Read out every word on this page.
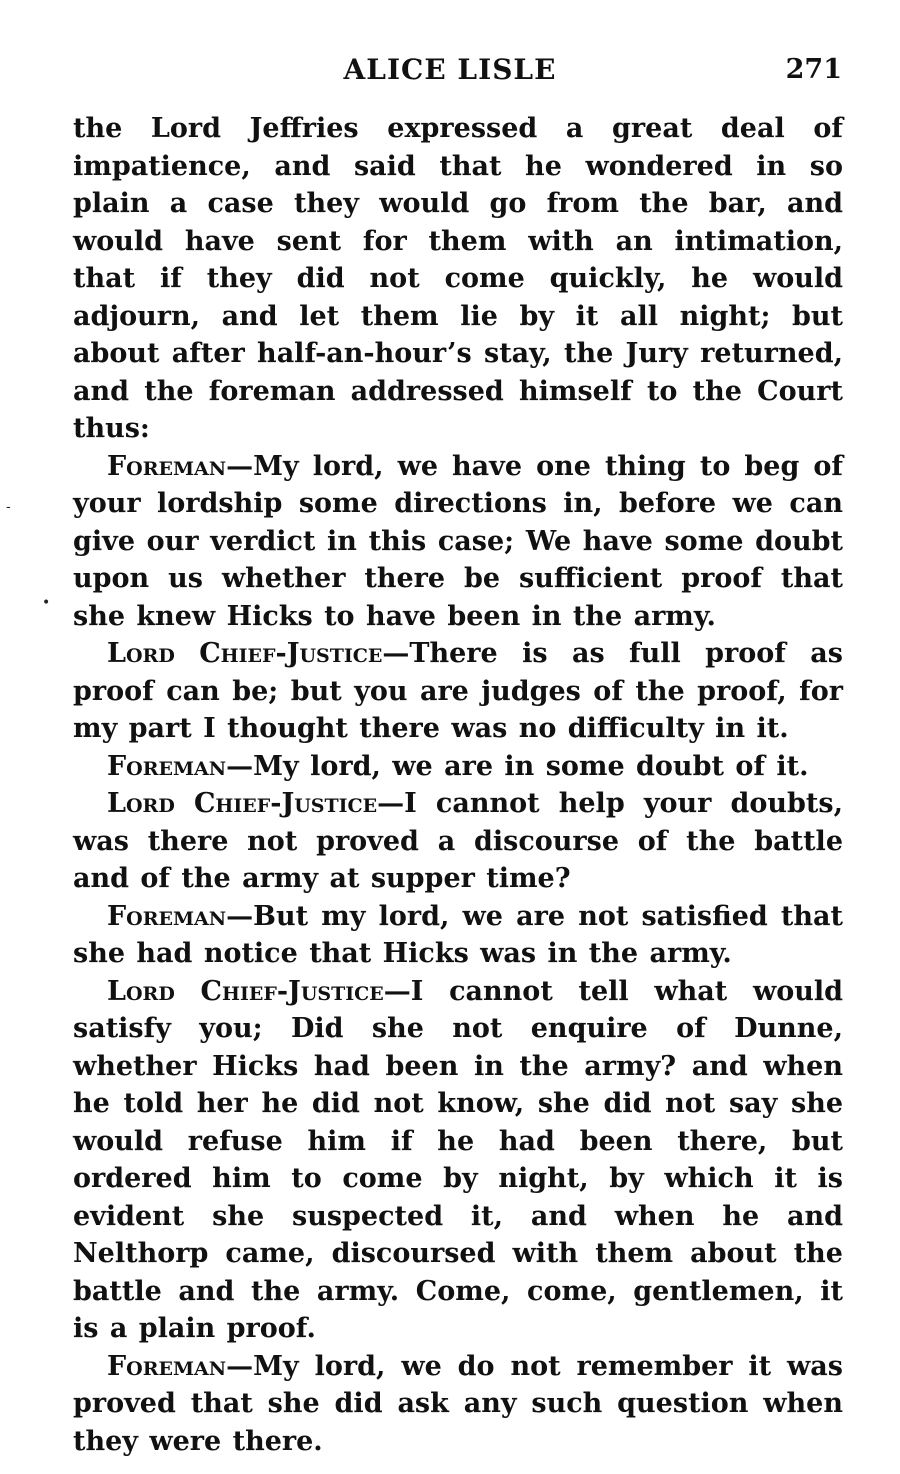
ALICE LISLE	271
-
•

the Lord Jeffries expressed a great deal of impatience, and said that he wondered in so plain a case they would go from the bar, and would have sent for them with an intimation, that if they did not come quickly, he would adjourn, and let them lie by it all night; but about after half-an-hour’s stay, the Jury returned, and the foreman addressed himself to the Court thus:

Foreman—My lord, we have one thing to beg of your lordship some directions in, before we can give our verdict in this case; We have some doubt upon us whether there be sufficient proof that she knew Hicks to have been in the army.

Lord Chief-Justice—There is as full proof as proof can be; but you are judges of the proof, for my part I thought there was no difficulty in it.

Foreman—My lord, we are in some doubt of it.

Lord Chief-Justice—I cannot help your doubts, was there not proved a discourse of the battle and of the army at supper time?

Foreman—But my lord, we are not satisfied that she had notice that Hicks was in the army.

Lord Chief-Justice—I cannot tell what would satisfy you; Did she not enquire of Dunne, whether Hicks had been in the army? and when he told her he did not know, she did not say she would refuse him if he had been there, but ordered him to come by night, by which it is evident she suspected it, and when he and Nelthorp came, discoursed with them about the battle and the army. Come, come, gentlemen, it is a plain proof.

Foreman—My lord, we do not remember it was proved that she did ask any such question when they were there.
